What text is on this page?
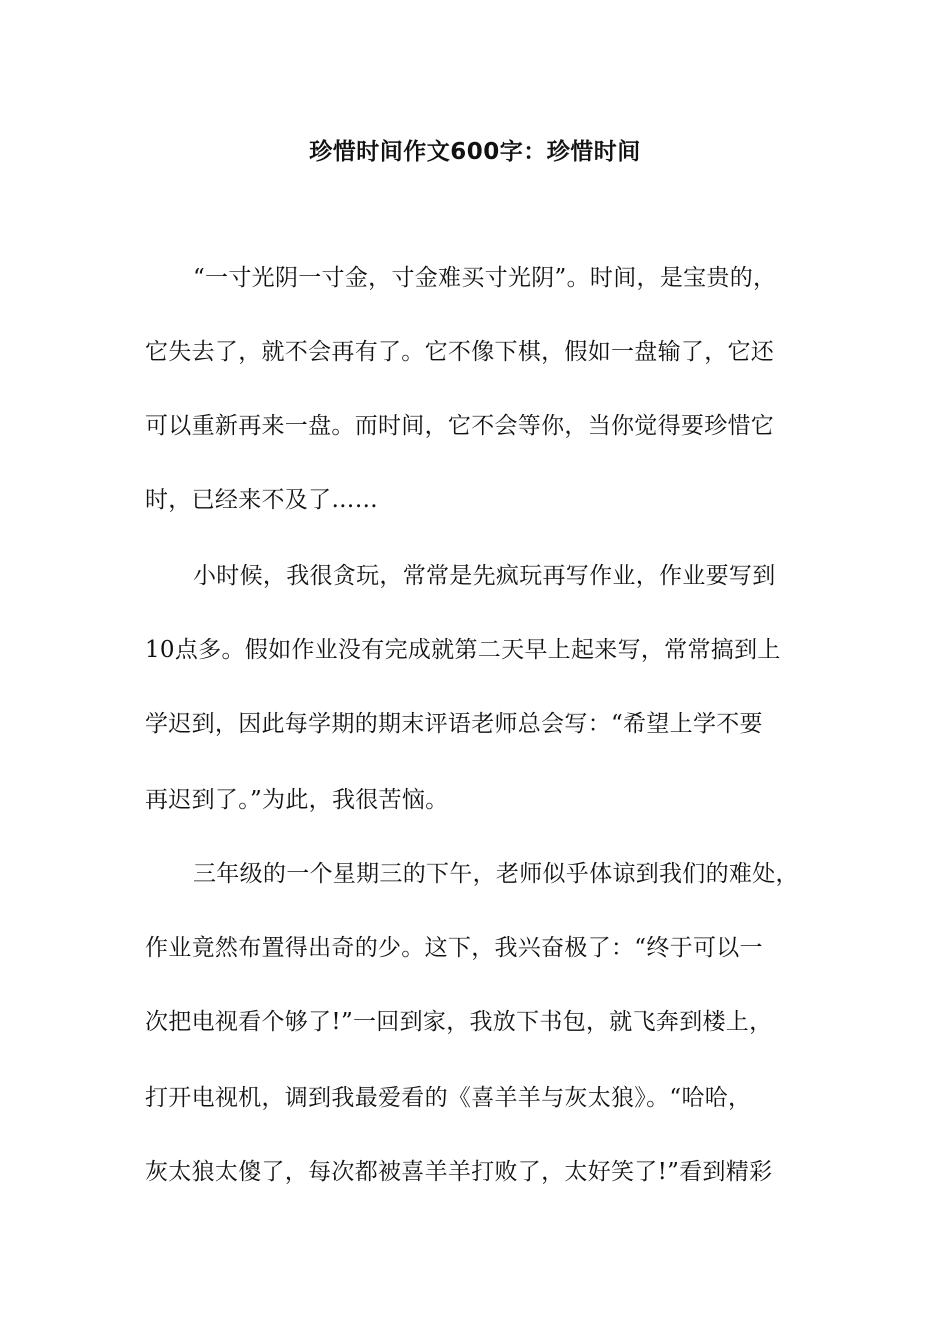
珍惜时间作文600字：珍惜时间
“一寸光阴一寸金，寸金难买寸光阴”。时间，是宝贵的，
它失去了，就不会再有了。它不像下棋，假如一盘输了，它还
可以重新再来一盘。而时间，它不会等你，当你觉得要珍惜它
时，已经来不及了……
小时候，我很贪玩，常常是先疯玩再写作业，作业要写到
10点多。假如作业没有完成就第二天早上起来写，常常搞到上
学迟到，因此每学期的期末评语老师总会写：“希望上学不要
再迟到了。”为此，我很苦恼。
三年级的一个星期三的下午，老师似乎体谅到我们的难处，
作业竟然布置得出奇的少。这下，我兴奋极了：“终于可以一
次把电视看个够了!”一回到家，我放下书包，就飞奔到楼上，
打开电视机，调到我最爱看的《喜羊羊与灰太狼》。“哈哈，
灰太狼太傻了，每次都被喜羊羊打败了，太好笑了!”看到精彩
